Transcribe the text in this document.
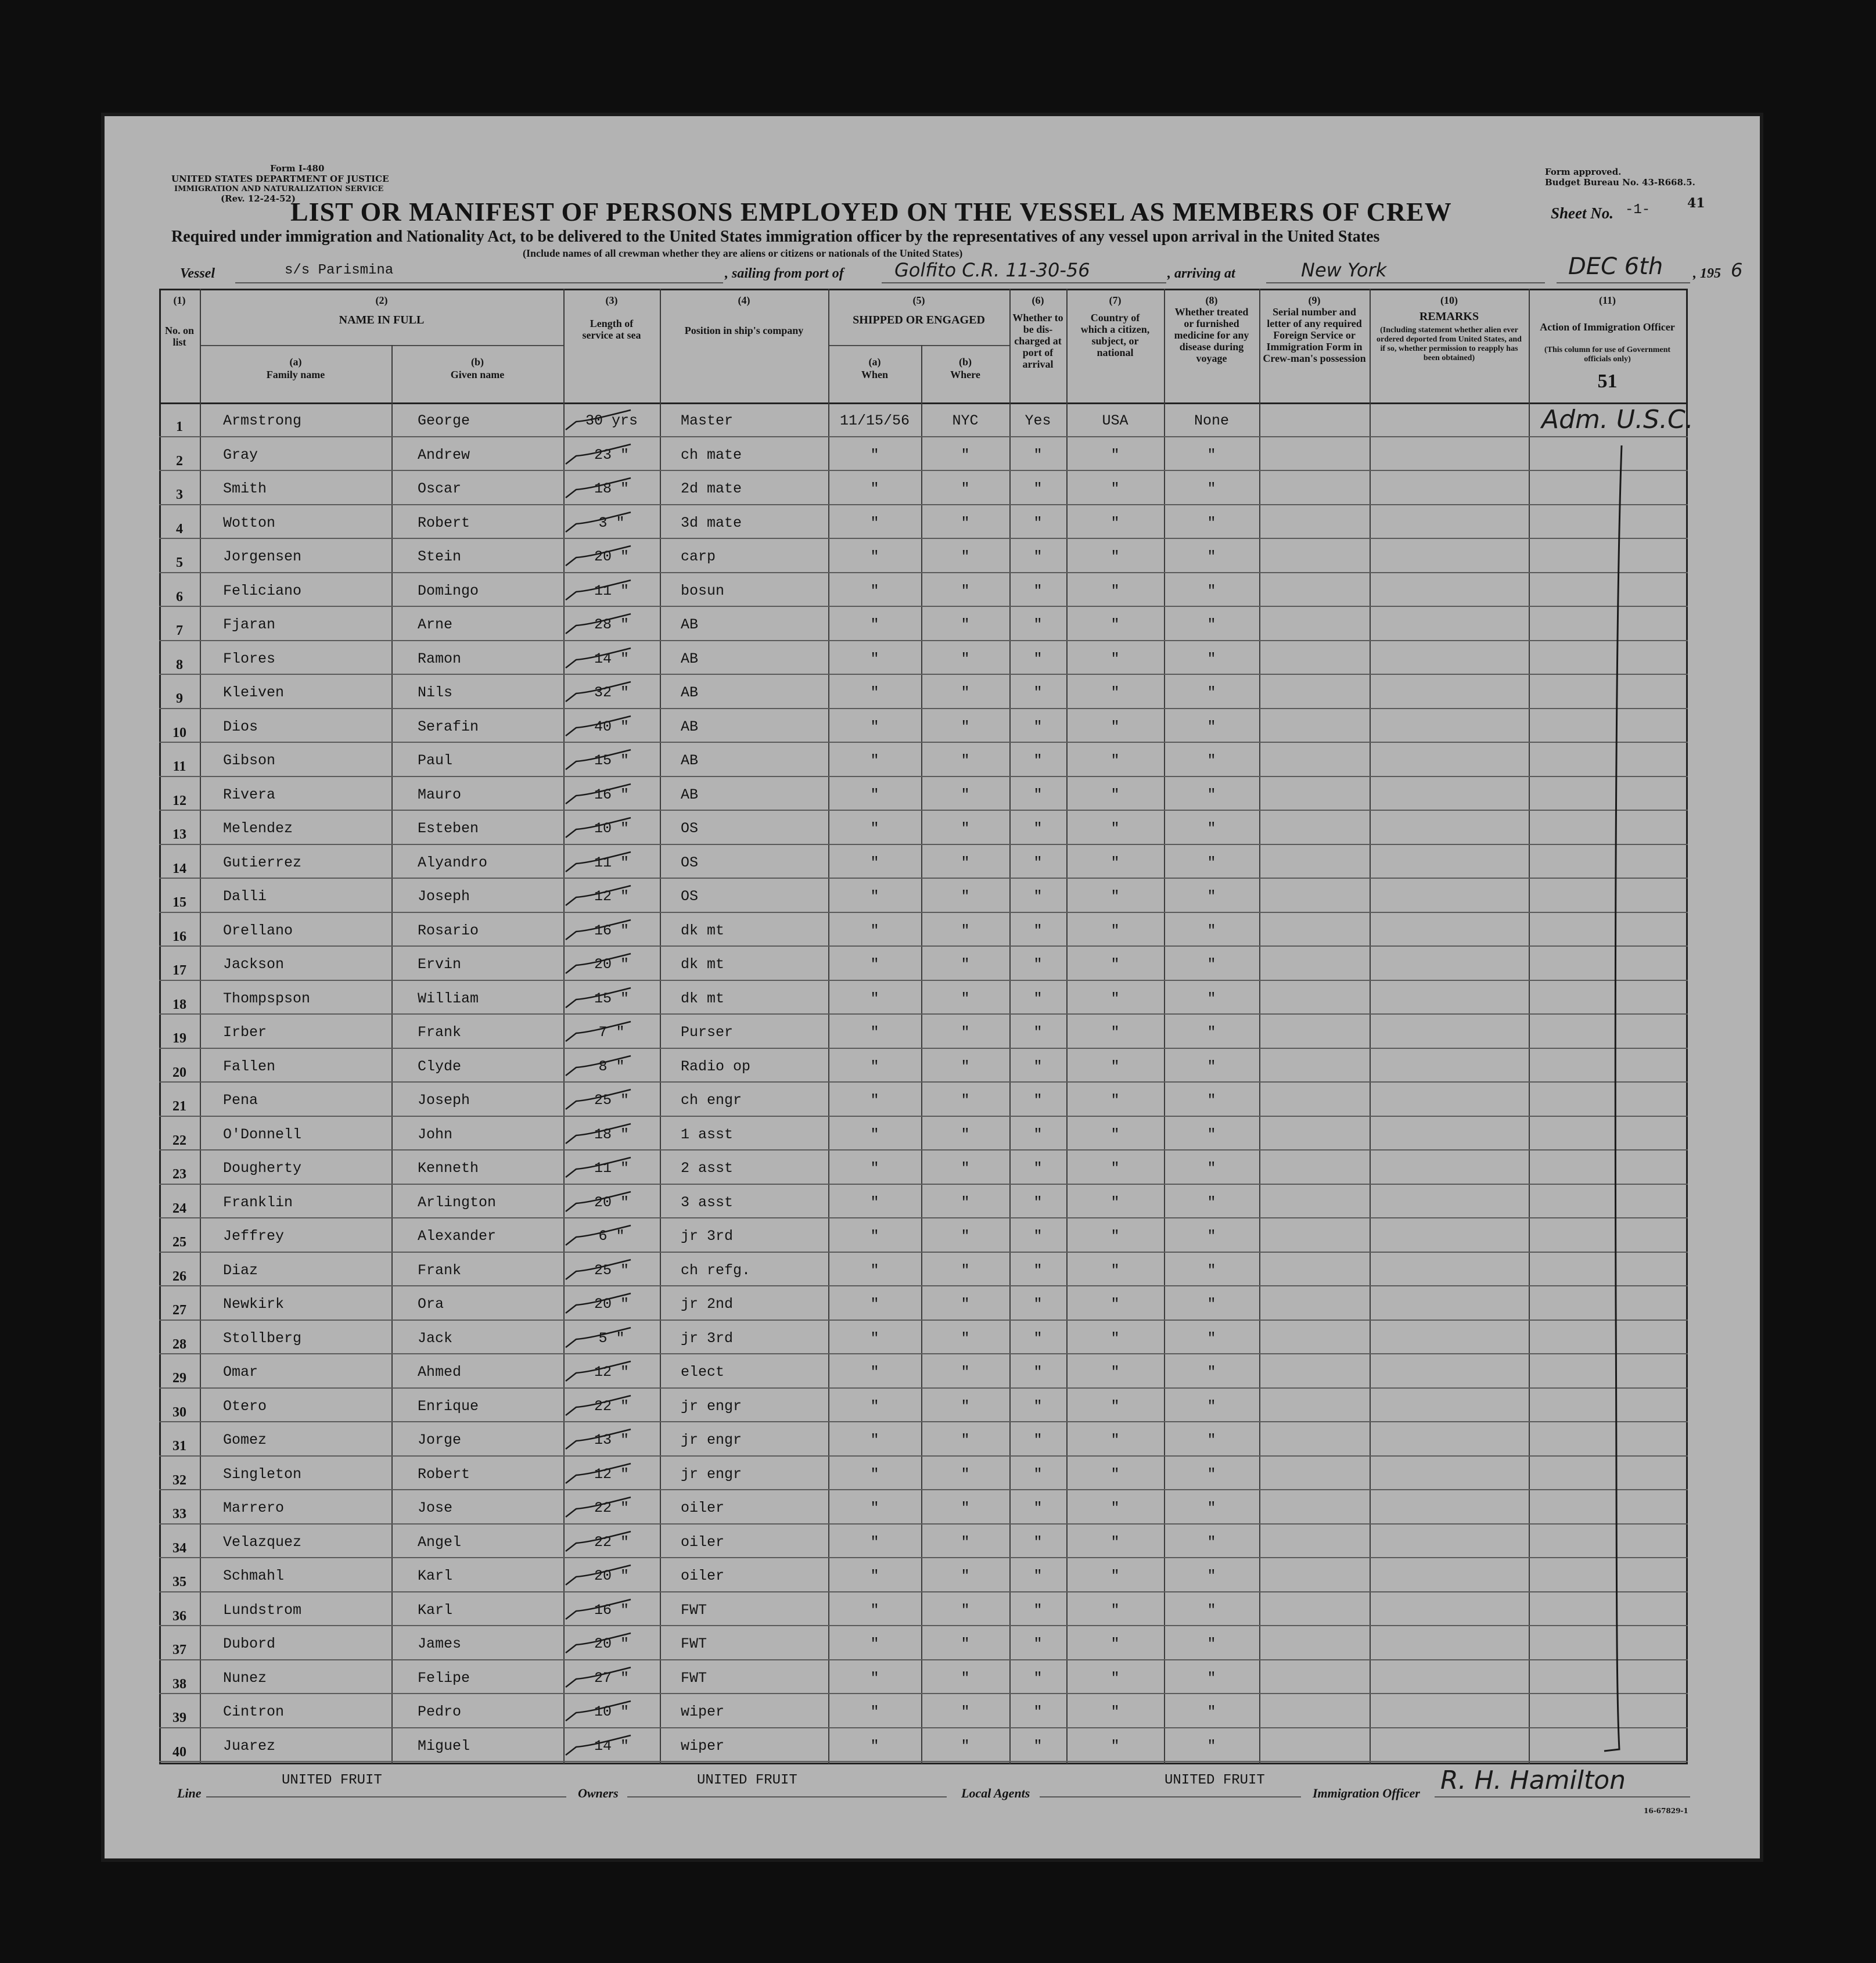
Form I-480
UNITED STATES DEPARTMENT OF JUSTICE
IMMIGRATION AND NATURALIZATION SERVICE
(Rev. 12-24-52)
Form approved.
Budget Bureau No. 43-R668.5.
LIST OR MANIFEST OF PERSONS EMPLOYED ON THE VESSEL AS MEMBERS OF CREW	Sheet No. -1-	41
Required under immigration and Nationality Act, to be delivered to the United States immigration officer by the representatives of any vessel upon arrival in the United States
(Include names of all crewman whether they are aliens or citizens or nationals of the United States)
Vessel	s/s Parismina	, sailing from port of	Golfito C.R. 11-30-56	, arriving at	New York	DEC 6th , 195 6
(1)
No. on list
(2)
NAME IN FULL
(a)
Family name
(b)
Given name
(3)
Length of service at sea
(4)
Position in ship's company
(5)
SHIPPED OR ENGAGED
(a)
When
(b)
Where
(6)
Whether to be dis-charged at port of arrival
(7)
Country of which a citizen, subject, or national
(8)
Whether treated or furnished medicine for any disease during voyage
(9)
Serial number and letter of any required Foreign Service or Immigration Form in Crew-man's possession
(10)
REMARKS
(Including statement whether alien ever ordered deported from United States, and if so, whether permission to reapply has been obtained)
(11)
Action of Immigration Officer
(This column for use of Government officials only)
51
1	Armstrong	George	30 yrs	Master	11/15/56	NYC	Yes	USA	None
2	Gray	Andrew	23 "	ch mate	"	"	"	"	"
3	Smith	Oscar	18 "	2d mate	"	"	"	"	"
4	Wotton	Robert	3 "	3d mate	"	"	"	"	"
5	Jorgensen	Stein	20 "	carp	"	"	"	"	"
6	Feliciano	Domingo	11 "	bosun	"	"	"	"	"
7	Fjaran	Arne	28 "	AB	"	"	"	"	"
8	Flores	Ramon	14 "	AB	"	"	"	"	"
9	Kleiven	Nils	32 "	AB	"	"	"	"	"
10	Dios	Serafin	40 "	AB	"	"	"	"	"
11	Gibson	Paul	15 "	AB	"	"	"	"	"
12	Rivera	Mauro	16 "	AB	"	"	"	"	"
13	Melendez	Esteben	10 "	OS	"	"	"	"	"
14	Gutierrez	Alyandro	11 "	OS	"	"	"	"	"
15	Dalli	Joseph	12 "	OS	"	"	"	"	"
16	Orellano	Rosario	16 "	dk mt	"	"	"	"	"
17	Jackson	Ervin	20 "	dk mt	"	"	"	"	"
18	Thompspson	William	15 "	dk mt	"	"	"	"	"
19	Irber	Frank	7 "	Purser	"	"	"	"	"
20	Fallen	Clyde	8 "	Radio op	"	"	"	"	"
21	Pena	Joseph	25 "	ch engr	"	"	"	"	"
22	O'Donnell	John	18 "	1 asst	"	"	"	"	"
23	Dougherty	Kenneth	11 "	2 asst	"	"	"	"	"
24	Franklin	Arlington	20 "	3 asst	"	"	"	"	"
25	Jeffrey	Alexander	6 "	jr 3rd	"	"	"	"	"
26	Diaz	Frank	25 "	ch refg.	"	"	"	"	"
27	Newkirk	Ora	20 "	jr 2nd	"	"	"	"	"
28	Stollberg	Jack	5 "	jr 3rd	"	"	"	"	"
29	Omar	Ahmed	12 "	elect	"	"	"	"	"
30	Otero	Enrique	22 "	jr engr	"	"	"	"	"
31	Gomez	Jorge	13 "	jr engr	"	"	"	"	"
32	Singleton	Robert	12 "	jr engr	"	"	"	"	"
33	Marrero	Jose	22 "	oiler	"	"	"	"	"
34	Velazquez	Angel	22 "	oiler	"	"	"	"	"
35	Schmahl	Karl	20 "	oiler	"	"	"	"	"
36	Lundstrom	Karl	16 "	FWT	"	"	"	"	"
37	Dubord	James	20 "	FWT	"	"	"	"	"
38	Nunez	Felipe	27 "	FWT	"	"	"	"	"
39	Cintron	Pedro	10 "	wiper	"	"	"	"	"
40	Juarez	Miguel	14 "	wiper	"	"	"	"	"
Adm. U.S.C.
Line
UNITED FRUIT
Owners
UNITED FRUIT
Local Agents
UNITED FRUIT
Immigration Officer R. H. Hamilton
16-67829-1
